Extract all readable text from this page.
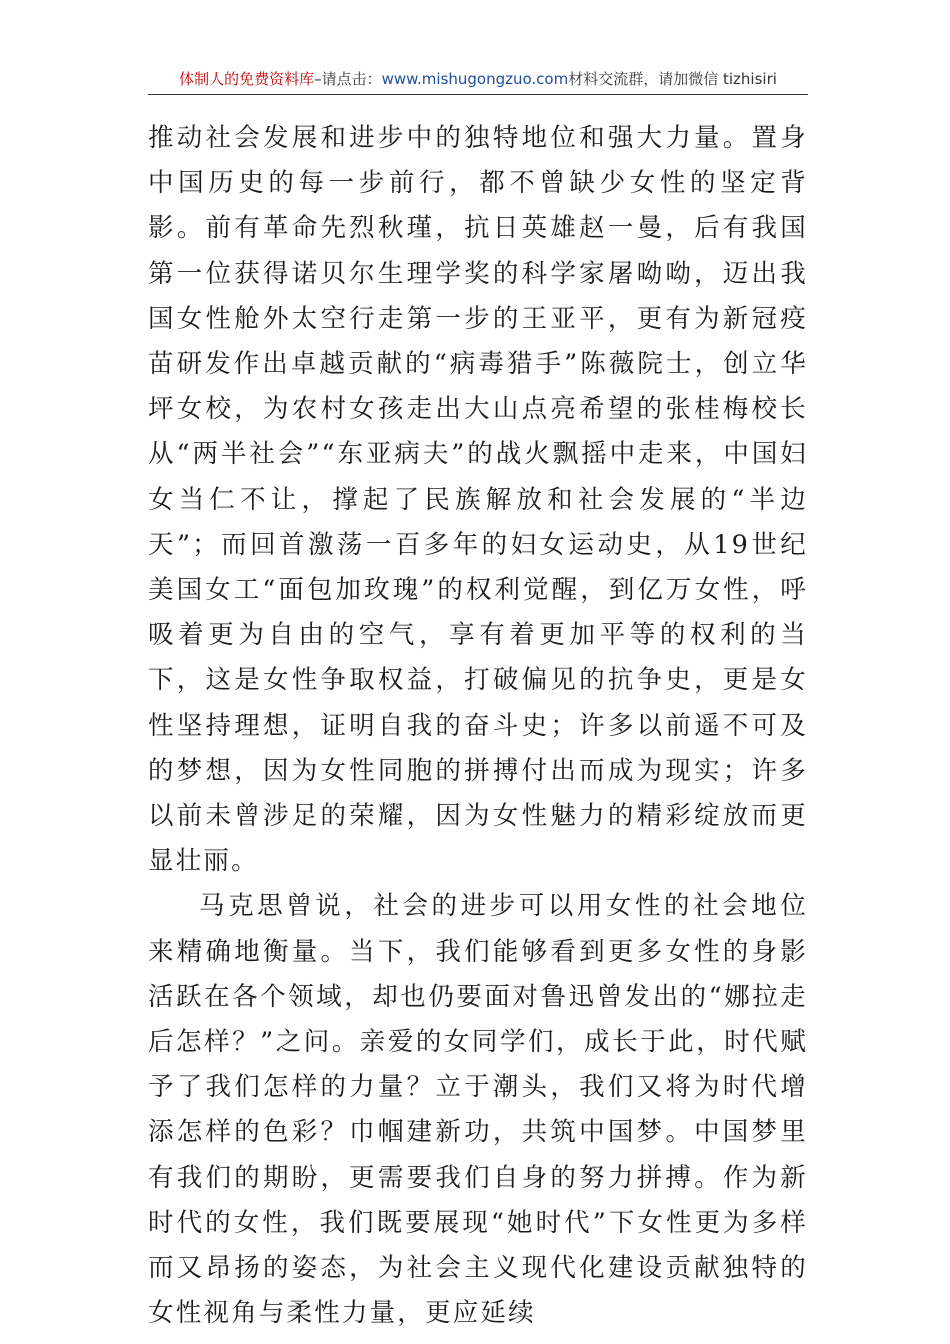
体制人的免费资料库–请点击：www.mishugongzuo.com材料交流群，请加微信 tizhisiri

推动社会发展和进步中的独特地位和强大力量。置身中国历史的每一步前行，都不曾缺少女性的坚定背影。前有革命先烈秋瑾，抗日英雄赵一曼，后有我国第一位获得诺贝尔生理学奖的科学家屠呦呦，迈出我国女性舱外太空行走第一步的王亚平，更有为新冠疫苗研发作出卓越贡献的“病毒猎手”陈薇院士，创立华坪女校，为农村女孩走出大山点亮希望的张桂梅校长从“两半社会”“东亚病夫”的战火飘摇中走来，中国妇女当仁不让，撑起了民族解放和社会发展的“半边天”；而回首激荡一百多年的妇女运动史，从19世纪美国女工“面包加玫瑰”的权利觉醒，到亿万女性，呼吸着更为自由的空气，享有着更加平等的权利的当下，这是女性争取权益，打破偏见的抗争史，更是女性坚持理想，证明自我的奋斗史；许多以前遥不可及的梦想，因为女性同胞的拼搏付出而成为现实；许多以前未曾涉足的荣耀，因为女性魅力的精彩绽放而更显壮丽。

马克思曾说，社会的进步可以用女性的社会地位来精确地衡量。当下，我们能够看到更多女性的身影活跃在各个领域，却也仍要面对鲁迅曾发出的“娜拉走后怎样？”之问。亲爱的女同学们，成长于此，时代赋予了我们怎样的力量？立于潮头，我们又将为时代增添怎样的色彩？巾帼建新功，共筑中国梦。中国梦里有我们的期盼，更需要我们自身的努力拼搏。作为新时代的女性，我们既要展现“她时代”下女性更为多样而又昂扬的姿态，为社会主义现代化建设贡献独特的女性视角与柔性力量，更应延续
